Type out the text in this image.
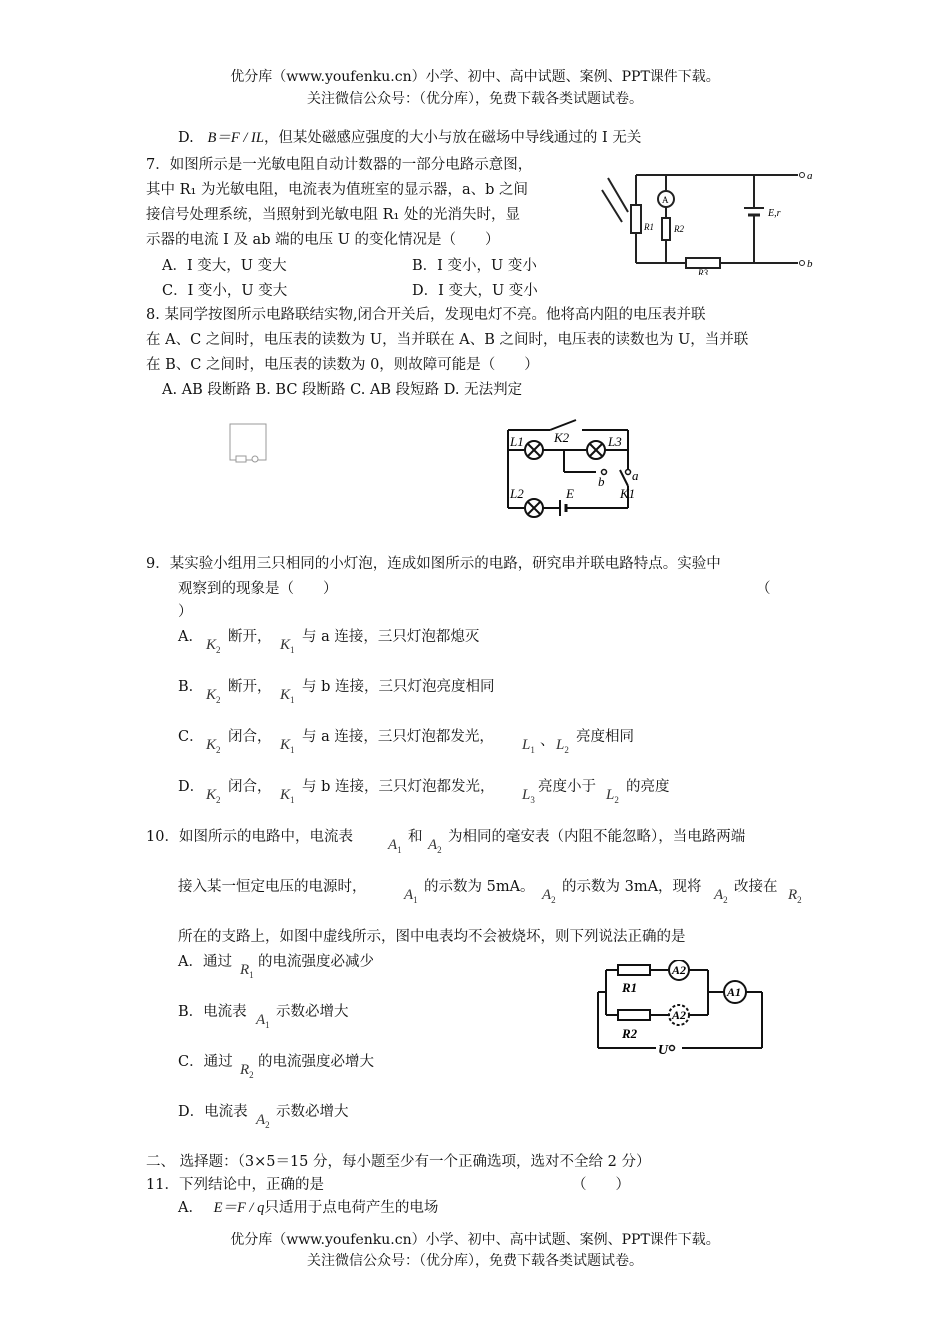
优分库（www.youfenku.cn）小学、初中、高中试题、案例、PPT课件下载。
关注微信公众号：（优分库），免费下载各类试题试卷。
D. B＝F / IL，但某处磁感应强度的大小与放在磁场中导线通过的 I 无关
7．如图所示是一光敏电阻自动计数器的一部分电路示意图，
其中 R₁ 为光敏电阻，电流表为值班室的显示器，a、b 之间
接信号处理系统，当照射到光敏电阻 R₁ 处的光消失时，显
示器的电流 I 及 ab 端的电压 U 的变化情况是（　　）
A．I 变大，U 变大	B．I 变小，U 变小
C．I 变小，U 变大	D．I 变大，U 变小
A
R1 R2
R3
E,r
a
b
8. 某同学按图所示电路联结实物,闭合开关后，发现电灯不亮。他将高内阻的电压表并联
在 A、C 之间时，电压表的读数为 U，当并联在 A、B 之间时，电压表的读数也为 U，当并联
在 B、C 之间时，电压表的读数为 0，则故障可能是（　　）
A. AB 段断路 B. BC 段断路 C. AB 段短路 D. 无法判定
L1	L3
L2
K2
K1
E
a
b
9．某实验小组用三只相同的小灯泡，连成如图所示的电路，研究串并联电路特点。实验中
观察到的现象是（　　）	（
）
A． $K_2$
断开， $K_1$
与 a 连接，三只灯泡都熄灭
B． $K_2$
断开， $K_1$
与 b 连接，三只灯泡亮度相同
C． $K_2$
闭合， $K_1$
与 a 连接，三只灯泡都发光， $L_1$
、 $L_2$
亮度相同
D． $K_2$
闭合， $K_1$
与 b 连接，三只灯泡都发光， $L_3$
亮度小于 $L_2$
的亮度
10．如图所示的电路中，电流表 $A_1$
和 $A_2$
为相同的毫安表（内阻不能忽略），当电路两端
接入某一恒定电压的电源时，	$A_1$
的示数为 5mA。 $A_2$
的示数为 3mA，现将 $A_2$
改接在 $R_2$
所在的支路上，如图中虚线所示，图中电表均不会被烧坏，则下列说法正确的是
A．通过 $R_1$
的电流强度必减少
B．电流表 $A_1$
示数必增大
C．通过 $R_2$
的电流强度必增大
D．电流表 $A_2$
示数必增大
A2
A2
A1
R1
R2
U
二、 选择题：（3×5＝15 分，每小题至少有一个正确选项，选对不全给 2 分）
11．下列结论中，正确的是	（　　）
A． E＝F / q只适用于点电荷产生的电场
优分库（www.youfenku.cn）小学、初中、高中试题、案例、PPT课件下载。
关注微信公众号：（优分库），免费下载各类试题试卷。
